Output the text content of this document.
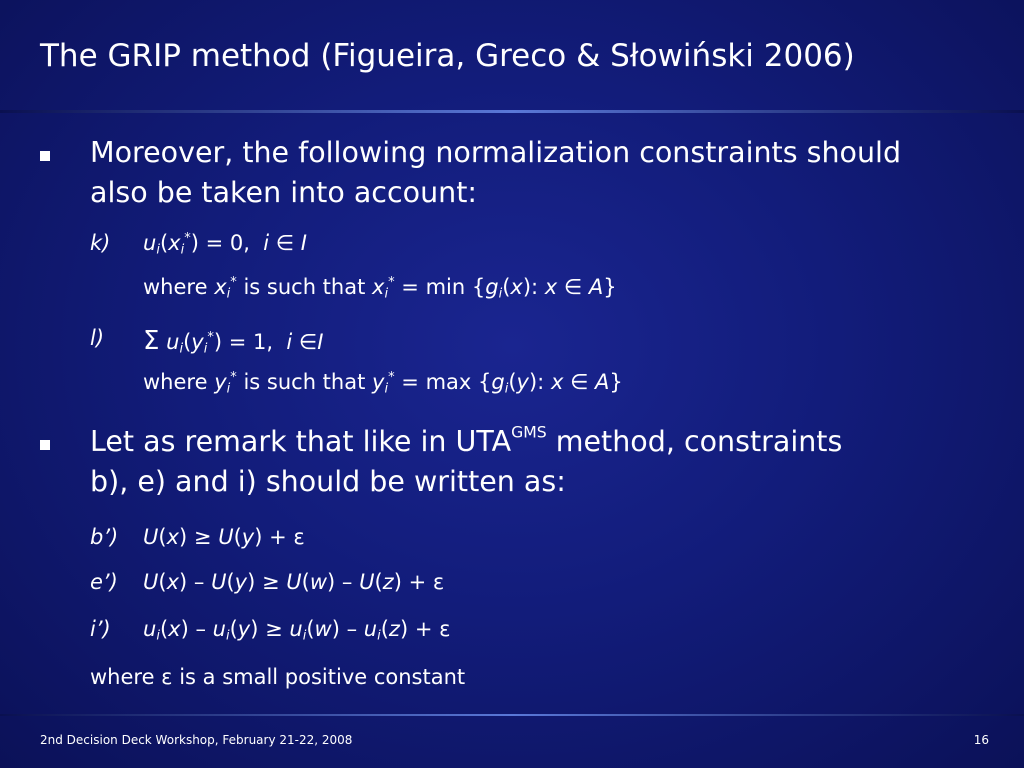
The GRIP method (Figueira, Greco & Słowiński 2006)
Moreover, the following normalization constraints should
also be taken into account:
k) $u_i(x_i^*) = 0$, i ∈ I
where $x_i^*$ is such that $x_i^* = \min \{g_i(x)$: x ∈ A}
l) Σ $u_i(y_i^*) = 1$, i ∈I
where $y_i^*$ is such that $y_i^* = \max \{g_i(y)$: x ∈ A}
Let as remark that like in $UTA^{GMS}$ method, constraints
b), e) and i) should be written as:
b’) U(x) ≥ U(y) + ε
e’) U(x) – U(y) ≥ U(w) – U(z) + ε
i’) $u_i(x) - u_i(y) \ge u_i(w) - u_i(z) + \varepsilon$
where ε is a small positive constant
2nd Decision Deck Workshop, February 21-22, 2008	16
